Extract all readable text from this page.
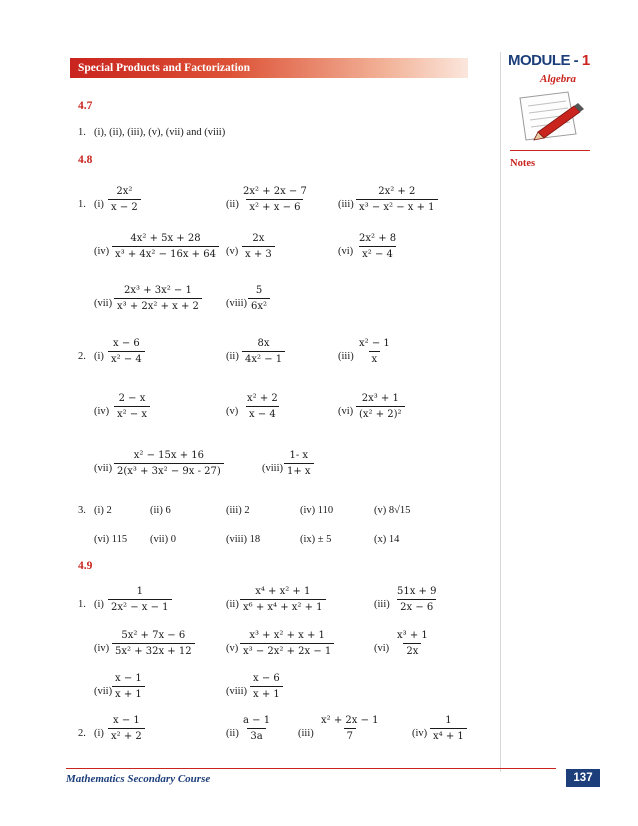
Special Products and Factorization	MODULE - 1
Algebra
Notes
4.7
1. (i), (ii), (iii), (v), (vii) and (viii)
4.8
1. $(i) \frac{\text{2x²}}{x - 2}$	$(ii) \frac{\text{2x² + 2x − 7}}{\text{x² + x − 6}}$	$(iii) \frac{\text{2x² + 2}}{\text{x³ − x² − x + 1}}$
$(iv) \frac{\text{4x² + 5x + 28}}{\text{x³ + 4x² − 16x + 64}} (v) \frac{2x}{x + 3}$	$(vi) \frac{\text{2x² + 8}}{\text{x² − 4}}$
$(vii) \frac{\text{2x³ + 3x² − 1}}{\text{x³ + 2x² + x + 2}}$ (viii) $\frac{5}{\text{6x²}}$
2. $(i) \frac{x - 6}{\text{x² − 4}}$	$(ii) \frac{8x}{\text{4x² − 1}}$	$(iii) \frac{\text{x² − 1}}{x}$
$(iv) \frac{2 - x}{\text{x² − x}}$	$(v) \frac{\text{x² + 2}}{x - 4}$	$(vi) \frac{\text{2x³ + 1}}{\text{(x² + 2)²}}$
$(vii) \frac{\text{x² − 15x + 16}}{\text{2(x³ + 3x² − 9x - 27)}}$	(viii) $\frac{1- x}{1+ x}$
3. (i) 2	(ii) 6	(iii) 2	(iv) 110	(v) 8√15
(vi) 115 (vii) 0	(viii) 18	(ix) ± 5	(x) 14
4.9
1. $(i) \frac{1}{\text{2x² − x − 1}}$	$(ii) \frac{\text{x⁴ + x² + 1}}{\text{x⁶ + x⁴ + x² + 1}}$	$(iii) \frac{51x + 9}{2x - 6}$
$(iv) \frac{\text{5x² + 7x − 6}}{\text{5x² + 32x + 12}}$	$(v) \frac{\text{x³ + x² + x + 1}}{\text{x³ − 2x² + 2x − 1}}$	$(vi) \frac{\text{x³ + 1}}{2x}$
$(vii) \frac{x - 1}{x + 1}$	(viii) $\frac{x - 6}{x + 1}$
2. $(i) \frac{x - 1}{\text{x² + 2}}$	$(ii) \frac{a - 1}{3a} (iii) \frac{\text{x² + 2x − 1}}{7}$	$(iv) \frac{1}{\text{x⁴ + 1}}$
Mathematics Secondary Course	137
